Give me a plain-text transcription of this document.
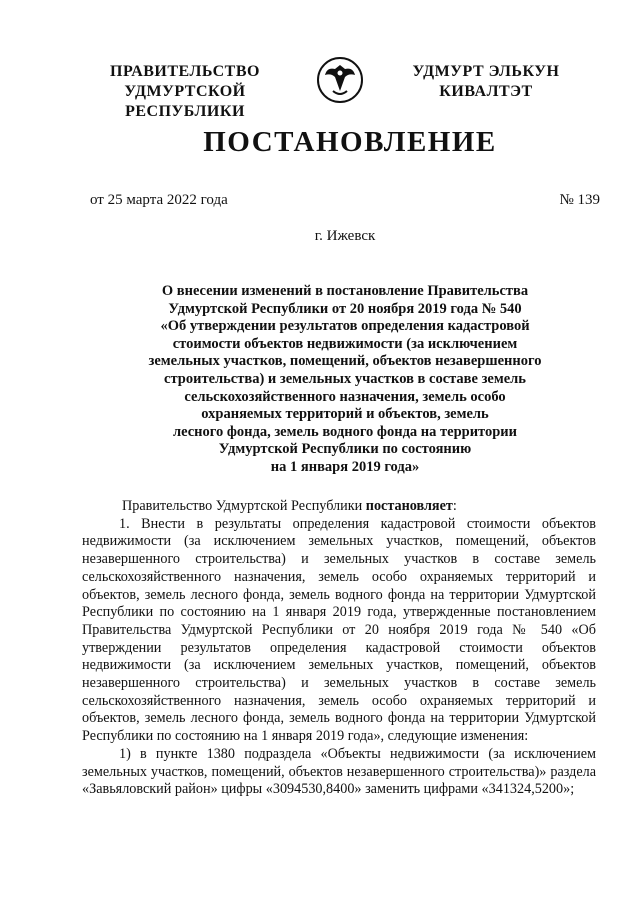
ПРАВИТЕЛЬСТВО
УДМУРТСКОЙ РЕСПУБЛИКИ
УДМУРТ ЭЛЬКУН
КИВАЛТЭТ
ПОСТАНОВЛЕНИЕ
от 25 марта 2022 года	№ 139
г. Ижевск
О внесении изменений в постановление Правительства
Удмуртской Республики от 20 ноября 2019 года № 540
«Об утверждении результатов определения кадастровой
стоимости объектов недвижимости (за исключением
земельных участков, помещений, объектов незавершенного
строительства) и земельных участков в составе земель
сельскохозяйственного назначения, земель особо
охраняемых территорий и объектов, земель
лесного фонда, земель водного фонда на территории
Удмуртской Республики по состоянию
на 1 января 2019 года»

Правительство Удмуртской Республики постановляет:

1. Внести в результаты определения кадастровой стоимости объектов недвижимости (за исключением земельных участков, помещений, объектов незавершенного строительства) и земельных участков в составе земель сельскохозяйственного назначения, земель особо охраняемых территорий и объектов, земель лесного фонда, земель водного фонда на территории Удмуртской Республики по состоянию на 1 января 2019 года, утвержденные постановлением Правительства Удмуртской Республики от 20 ноября 2019 года № 540 «Об утверждении результатов определения кадастровой стоимости объектов недвижимости (за исключением земельных участков, помещений, объектов незавершенного строительства) и земельных участков в составе земель сельскохозяйственного назначения, земель особо охраняемых территорий и объектов, земель лесного фонда, земель водного фонда на территории Удмуртской Республики по состоянию на 1 января 2019 года», следующие изменения:

1) в пункте 1380 подраздела «Объекты недвижимости (за исключением земельных участков, помещений, объектов незавершенного строительства)» раздела «Завьяловский район» цифры «3094530,8400» заменить цифрами «341324,5200»;
